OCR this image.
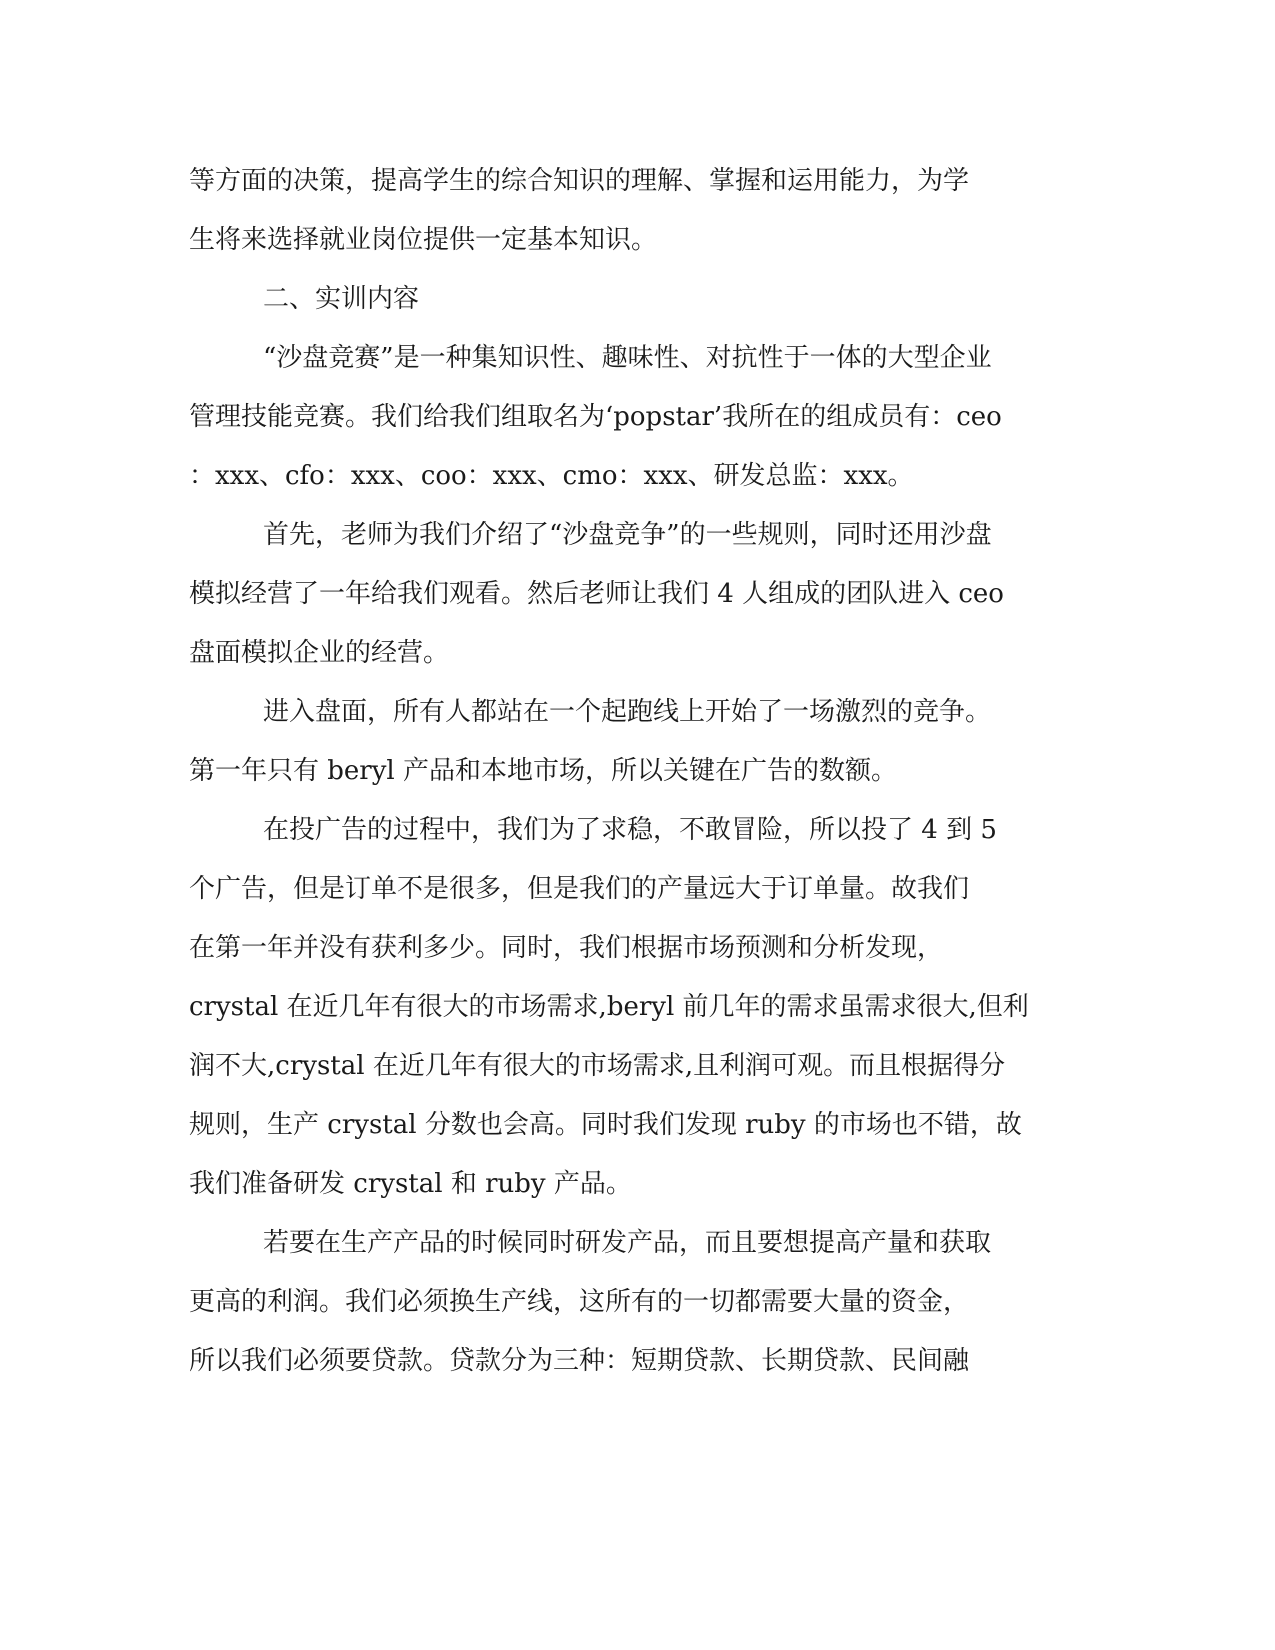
等方面的决策，提高学生的综合知识的理解、掌握和运用能力，为学
生将来选择就业岗位提供一定基本知识。
二、实训内容
“沙盘竞赛”是一种集知识性、趣味性、对抗性于一体的大型企业
管理技能竞赛。我们给我们组取名为‘popstar’我所在的组成员有：ceo
：xxx、cfo：xxx、coo：xxx、cmo：xxx、研发总监：xxx。
首先，老师为我们介绍了“沙盘竞争”的一些规则，同时还用沙盘
模拟经营了一年给我们观看。然后老师让我们 4 人组成的团队进入 ceo
盘面模拟企业的经营。
进入盘面，所有人都站在一个起跑线上开始了一场激烈的竞争。
第一年只有 beryl 产品和本地市场，所以关键在广告的数额。
在投广告的过程中，我们为了求稳，不敢冒险，所以投了 4 到 5
个广告，但是订单不是很多，但是我们的产量远大于订单量。故我们
在第一年并没有获利多少。同时，我们根据市场预测和分析发现，
crystal 在近几年有很大的市场需求,beryl 前几年的需求虽需求很大,但利
润不大,crystal 在近几年有很大的市场需求,且利润可观。而且根据得分
规则，生产 crystal 分数也会高。同时我们发现 ruby 的市场也不错，故
我们准备研发 crystal 和 ruby 产品。
若要在生产产品的时候同时研发产品，而且要想提高产量和获取
更高的利润。我们必须换生产线，这所有的一切都需要大量的资金，
所以我们必须要贷款。贷款分为三种：短期贷款、长期贷款、民间融
